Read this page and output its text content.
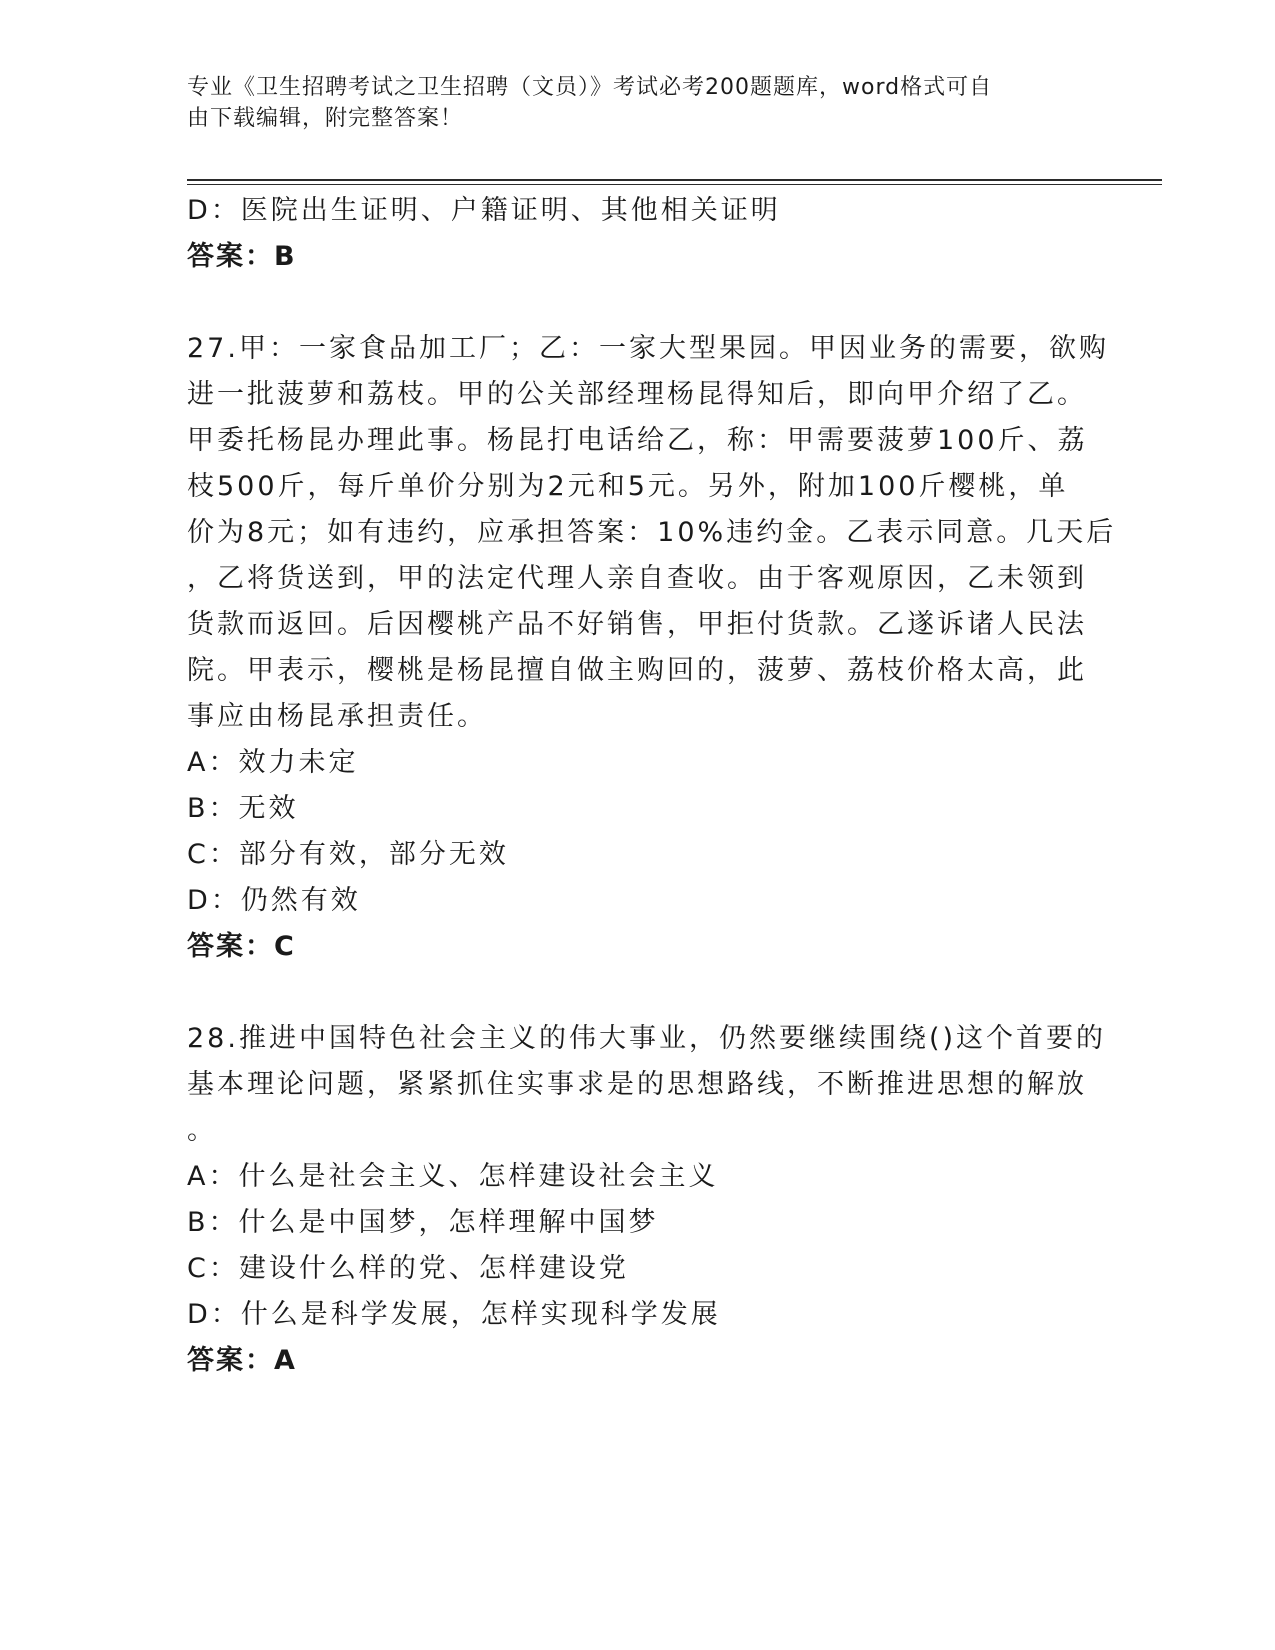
专业《卫生招聘考试之卫生招聘（文员）》考试必考200题题库，word格式可自
由下载编辑，附完整答案！
D：医院出生证明、户籍证明、其他相关证明
答案：B
27.甲：一家食品加工厂；乙：一家大型果园。甲因业务的需要，欲购
进一批菠萝和荔枝。甲的公关部经理杨昆得知后，即向甲介绍了乙。
甲委托杨昆办理此事。杨昆打电话给乙，称：甲需要菠萝100斤、荔
枝500斤，每斤单价分别为2元和5元。另外，附加100斤樱桃，单
价为8元；如有违约，应承担答案：10%违约金。乙表示同意。几天后
，乙将货送到，甲的法定代理人亲自查收。由于客观原因，乙未领到
货款而返回。后因樱桃产品不好销售，甲拒付货款。乙遂诉诸人民法
院。甲表示，樱桃是杨昆擅自做主购回的，菠萝、荔枝价格太高，此
事应由杨昆承担责任。
A：效力未定
B：无效
C：部分有效，部分无效
D：仍然有效
答案：C
28.推进中国特色社会主义的伟大事业，仍然要继续围绕()这个首要的
基本理论问题，紧紧抓住实事求是的思想路线，不断推进思想的解放
。
A：什么是社会主义、怎样建设社会主义
B：什么是中国梦，怎样理解中国梦
C：建设什么样的党、怎样建设党
D：什么是科学发展，怎样实现科学发展
答案：A
